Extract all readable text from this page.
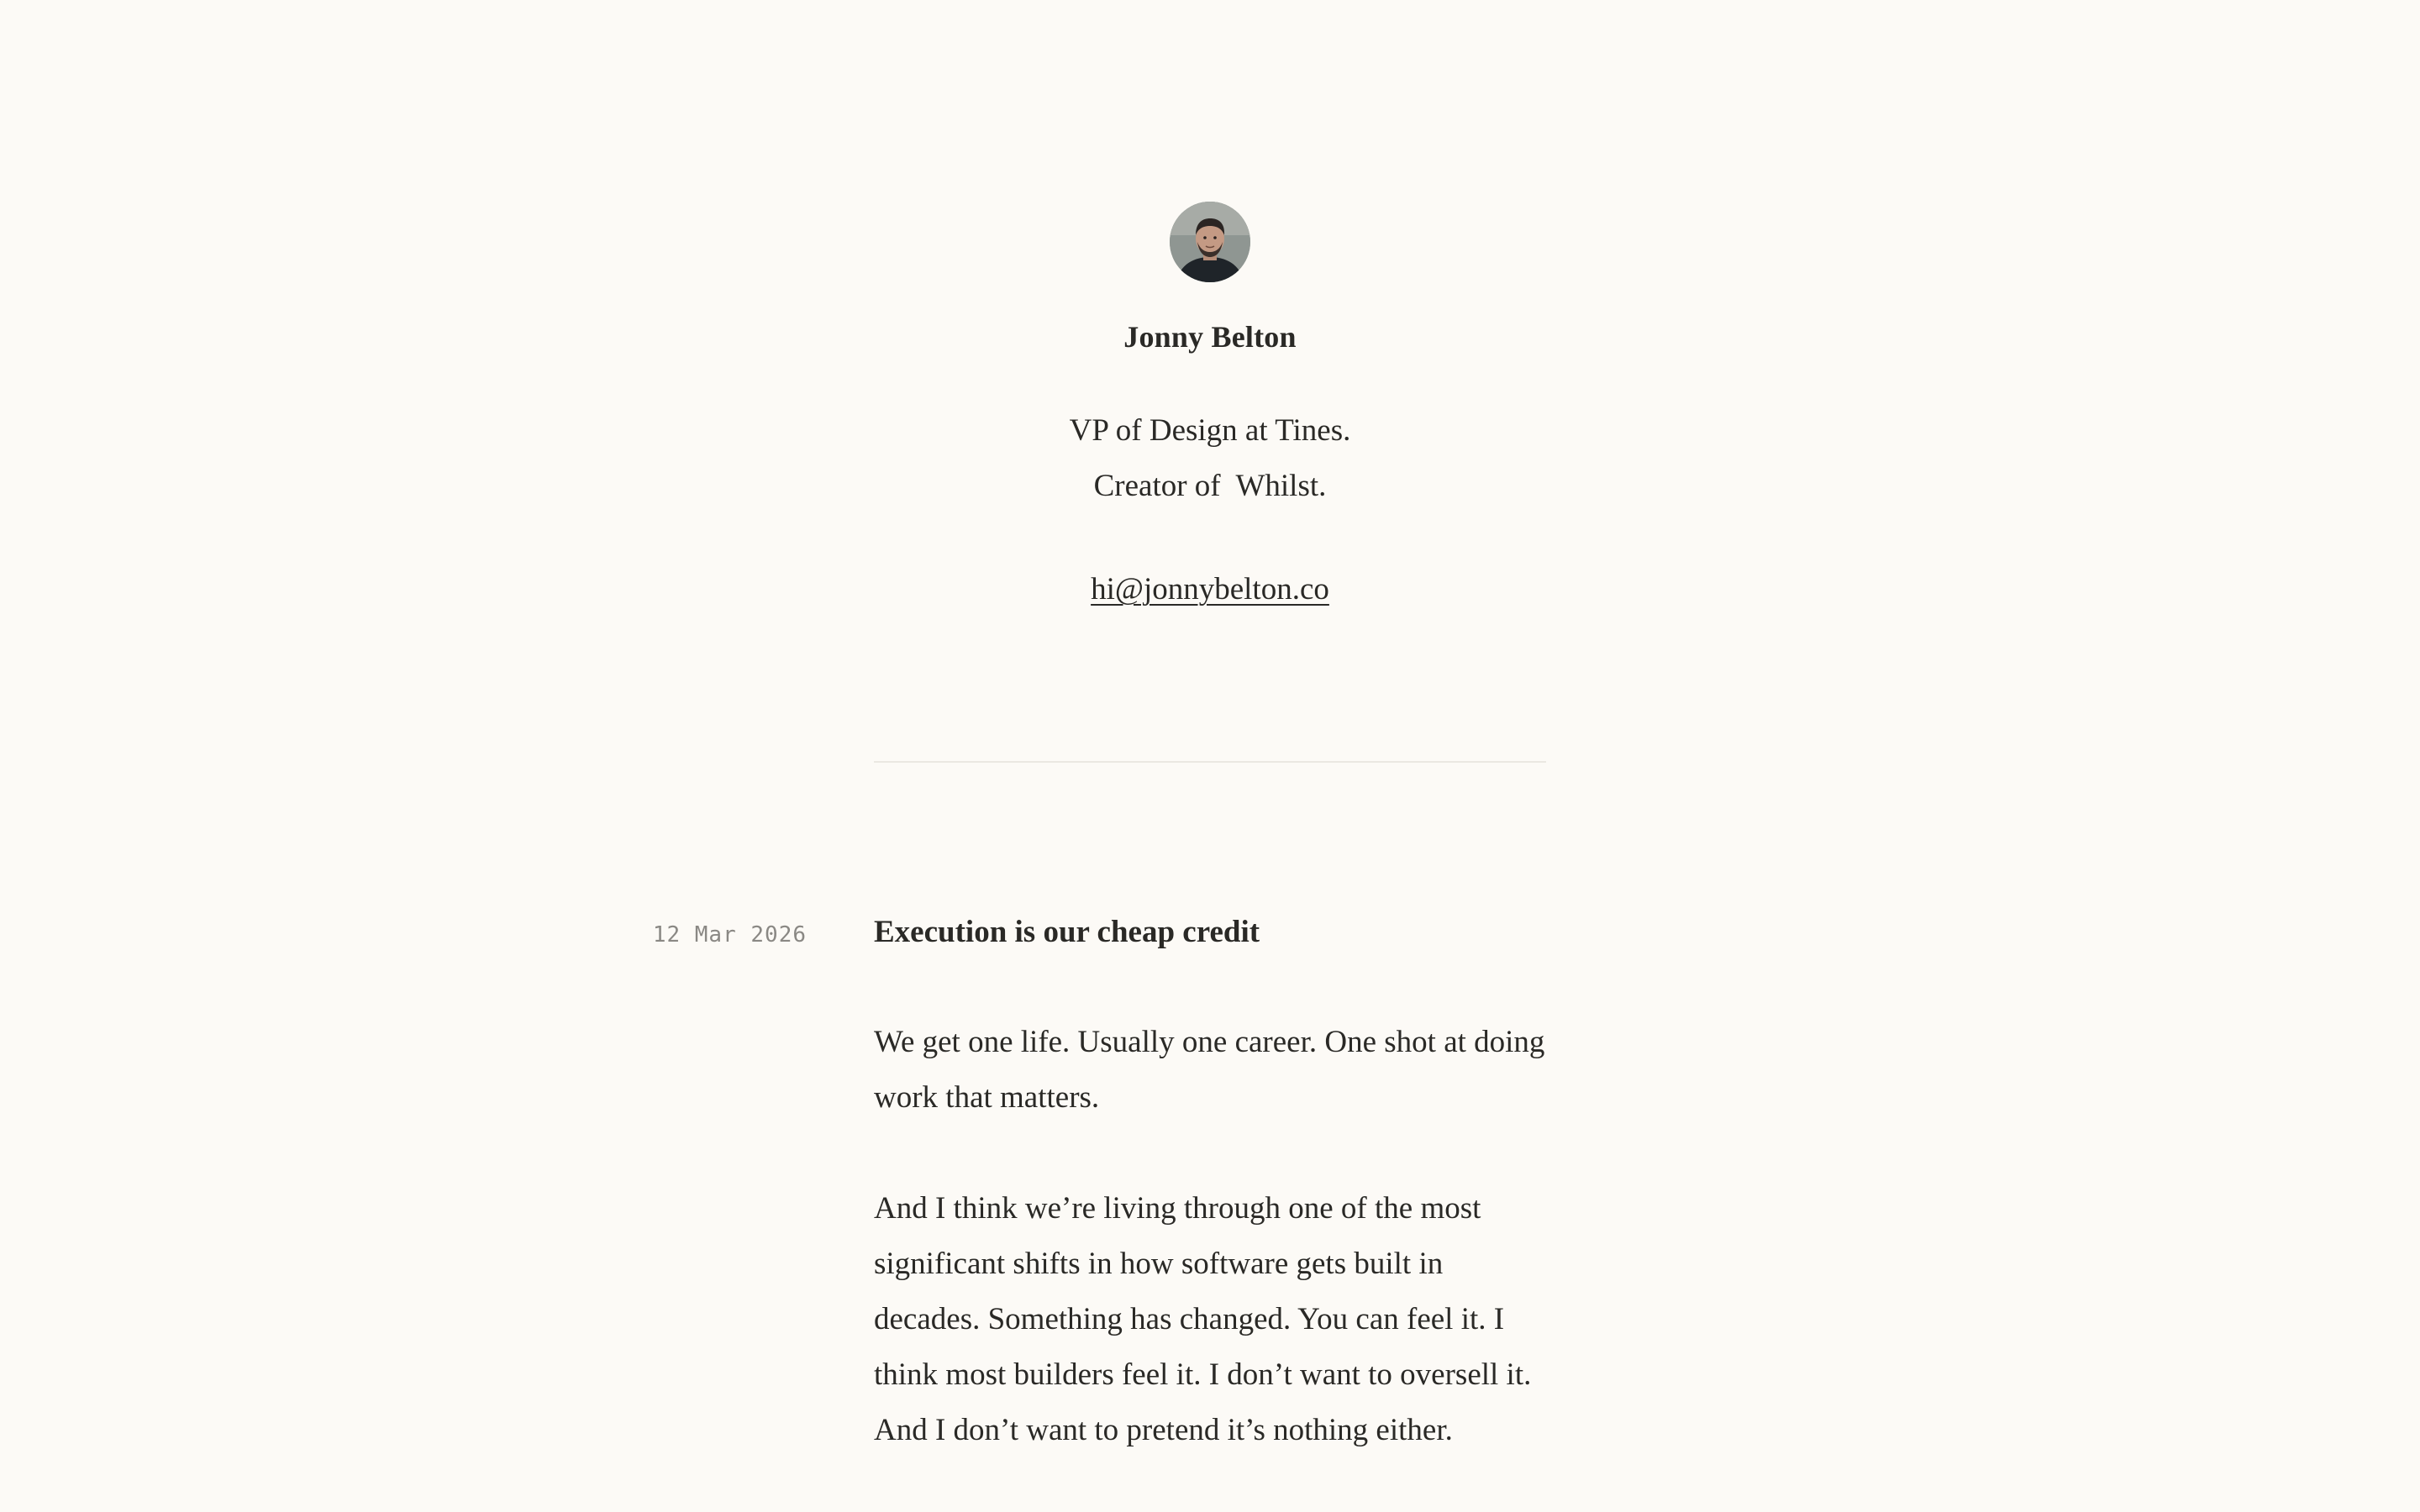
Jonny Belton
VP of Design at Tines.
Creator of  Whilst.
hi@jonnybelton.co
12 Mar 2026 Execution is our cheap credit

We get one life. Usually one career. One shot at doing work that matters.

And I think we’re living through one of the most significant shifts in how software gets built in decades. Something has changed. You can feel it. I think most builders feel it. I don’t want to oversell it. And I don’t want to pretend it’s nothing either.
